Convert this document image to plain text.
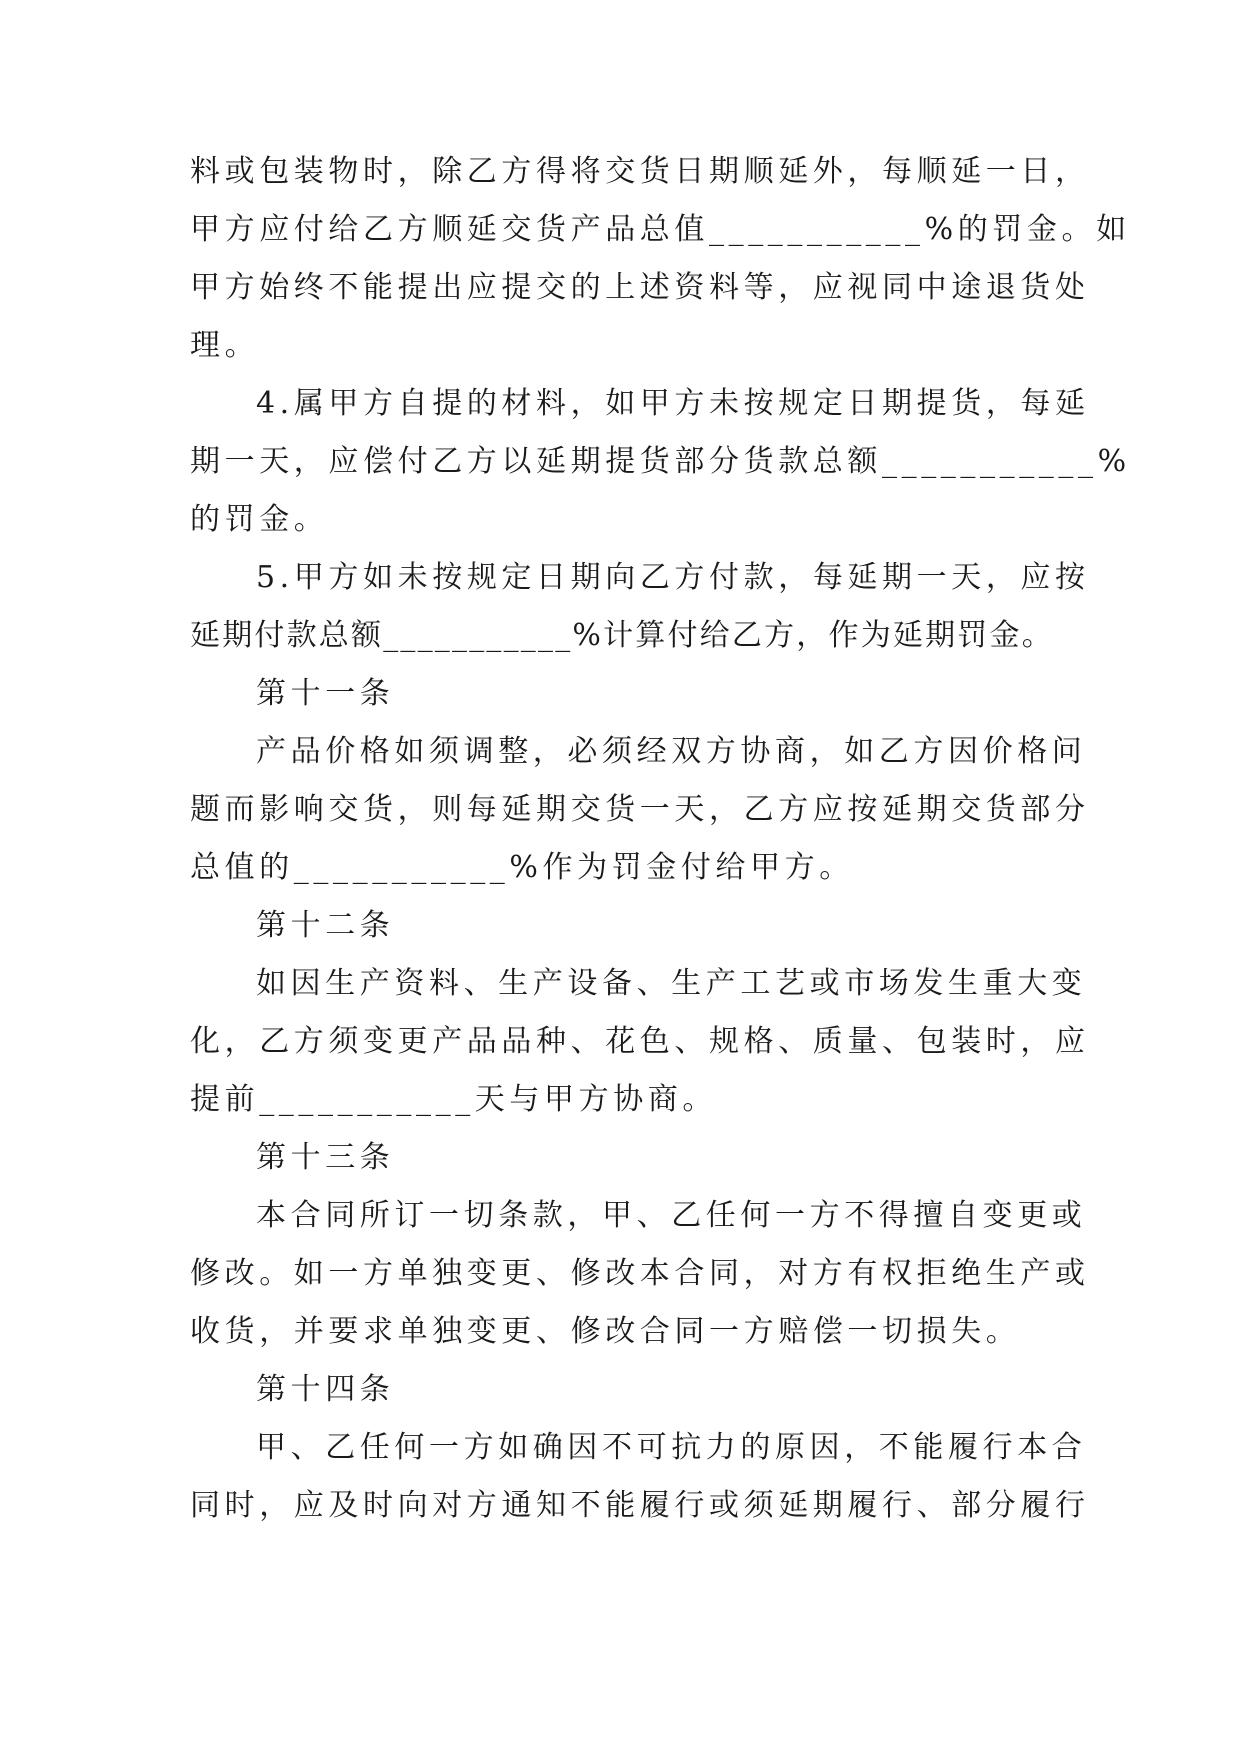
料或包装物时，除乙方得将交货日期顺延外，每顺延一日，
甲方应付给乙方顺延交货产品总值___________%的罚金。如
甲方始终不能提出应提交的上述资料等，应视同中途退货处
理。
4.属甲方自提的材料，如甲方未按规定日期提货，每延
期一天，应偿付乙方以延期提货部分货款总额___________%
的罚金。
5.甲方如未按规定日期向乙方付款，每延期一天，应按
延期付款总额___________%计算付给乙方，作为延期罚金。
第十一条
产品价格如须调整，必须经双方协商，如乙方因价格问
题而影响交货，则每延期交货一天，乙方应按延期交货部分
总值的___________%作为罚金付给甲方。
第十二条
如因生产资料、生产设备、生产工艺或市场发生重大变
化，乙方须变更产品品种、花色、规格、质量、包装时，应
提前___________天与甲方协商。
第十三条
本合同所订一切条款，甲、乙任何一方不得擅自变更或
修改。如一方单独变更、修改本合同，对方有权拒绝生产或
收货，并要求单独变更、修改合同一方赔偿一切损失。
第十四条
甲、乙任何一方如确因不可抗力的原因，不能履行本合
同时，应及时向对方通知不能履行或须延期履行、部分履行
